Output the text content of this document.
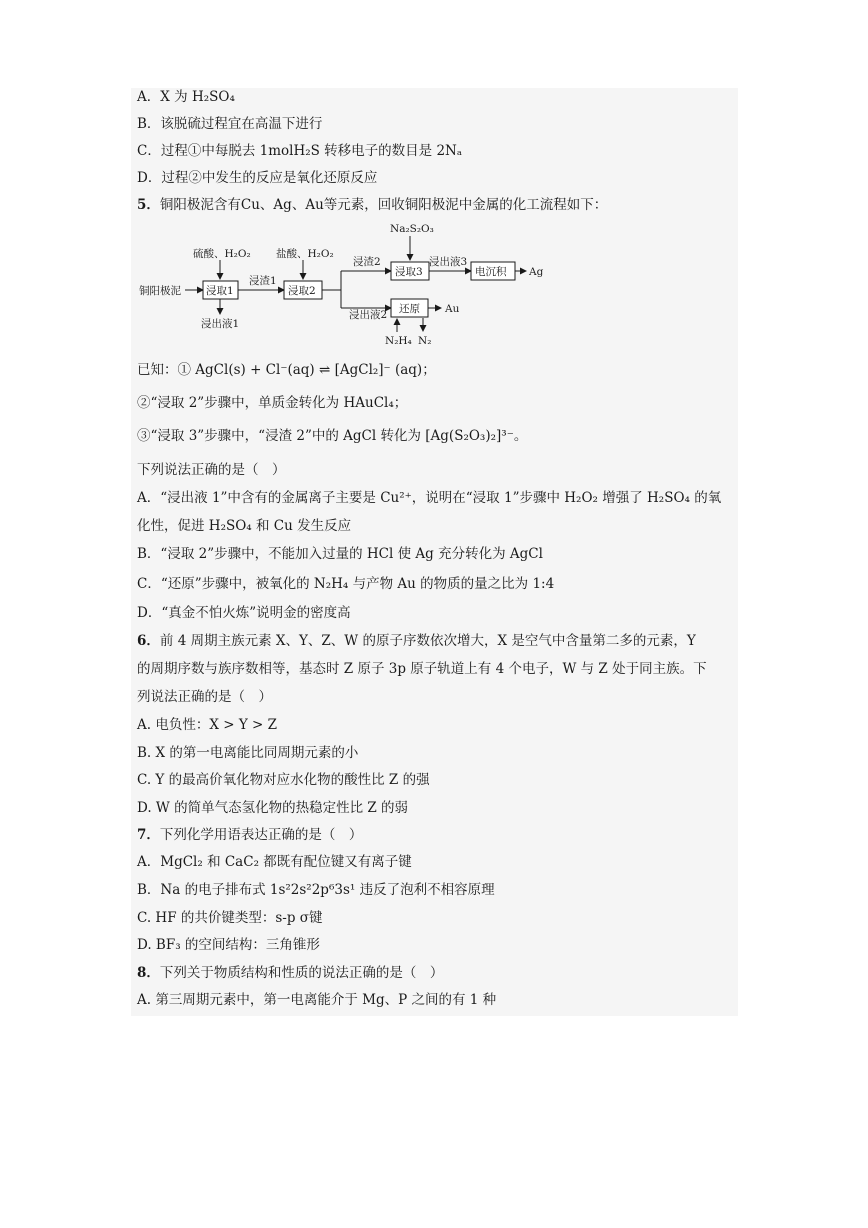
A．X 为 H₂SO₄
B．该脱硫过程宜在高温下进行
C．过程①中每脱去 1molH₂S 转移电子的数目是 2Nₐ
D．过程②中发生的反应是氧化还原反应
5．铜阳极泥含有Cu、Ag、Au等元素，回收铜阳极泥中金属的化工流程如下：
铜阳极泥
硫酸、H₂O₂
浸取1
浸出液1
浸渣1
盐酸、H₂O₂
浸取2
浸渣2
浸出液2
Na₂S₂O₃
浸取3
浸出液3
电沉积 Ag
还原 Au
N₂H₄ N₂
已知：① AgCl(s) + Cl⁻(aq) ⇌ [AgCl₂]⁻ (aq)；
②“浸取 2”步骤中，单质金转化为 HAuCl₄；
③“浸取 3”步骤中，“浸渣 2”中的 AgCl 转化为 [Ag(S₂O₃)₂]³⁻。
下列说法正确的是（　）
A．“浸出液 1”中含有的金属离子主要是 Cu²⁺，说明在“浸取 1”步骤中 H₂O₂ 增强了 H₂SO₄ 的氧
化性，促进 H₂SO₄ 和 Cu 发生反应
B．“浸取 2”步骤中，不能加入过量的 HCl 使 Ag 充分转化为 AgCl
C．“还原”步骤中，被氧化的 N₂H₄ 与产物 Au 的物质的量之比为 1:4
D．“真金不怕火炼”说明金的密度高
6．前 4 周期主族元素 X、Y、Z、W 的原子序数依次增大，X 是空气中含量第二多的元素，Y
的周期序数与族序数相等，基态时 Z 原子 3p 原子轨道上有 4 个电子，W 与 Z 处于同主族。下
列说法正确的是（　）
A. 电负性：X > Y > Z
B. X 的第一电离能比同周期元素的小
C. Y 的最高价氧化物对应水化物的酸性比 Z 的强
D. W 的简单气态氢化物的热稳定性比 Z 的弱
7．下列化学用语表达正确的是（　）
A．MgCl₂ 和 CaC₂ 都既有配位键又有离子键
B．Na 的电子排布式 1s²2s²2p⁶3s¹ 违反了泡利不相容原理
C. HF 的共价键类型：s-p σ键
D. BF₃ 的空间结构：三角锥形
8．下列关于物质结构和性质的说法正确的是（　）
A. 第三周期元素中，第一电离能介于 Mg、P 之间的有 1 种
